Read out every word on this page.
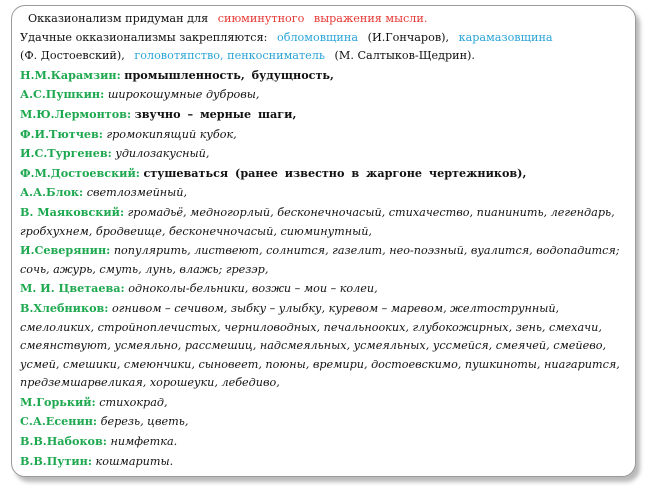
Окказионализм придуман для сиюминутного выражения мысли.
Удачные окказионализмы закрепляются: обломовщина (И.Гончаров), карамазовщина
(Ф. Достоевский), головотяпство, пенкосниматель (М. Салтыков-Щедрин).
Н.М.Карамзин: промышленность, будущность,
А.С.Пушкин: широкошумные дубровы,
М.Ю.Лермонтов: звучно – мерные шаги,
Ф.И.Тютчев: громокипящий кубок,
И.С.Тургенев: удилозакусный,
Ф.М.Достоевский: стушеваться (ранее известно в жаргоне чертежников),
А.А.Блок: светлозмейный,
В. Маяковский: громадьё, медногорлый, бесконечночасый, стихачество, пианинить, легендарь,
гробхухнем, бродвеище, бесконечночасый, сиюминутный,
И.Северянин: популярить, листвеют, солнится, газелит, нео-поэзный, вуалится, водопадится;
сочь, ажурь, смуть, лунь, влажь; грезэр,
М. И. Цветаева: одноколы-бельники, возжи – мои – колеи,
В.Хлебников: огнивом – сечивом, зыбку – улыбку, куревом – маревом, желтострунный,
смелоликих, стройноплечистых, черниловодных, печальнооких, глубокожирных, зень, смехачи,
смеянствуют, усмеяльно, рассмешиц, надсмеяльных, усмеяльных, уссмейся, смеячей, смейево,
усмей, смешики, смеюнчики, сыновеет, поюны, времири, достоевскимо, пушкиноты, ниагарится,
предземшарвеликая, хорошеуки, лебедиво,
М.Горький: стихокрад,
С.А.Есенин: березь, цветь,
В.В.Набоков: нимфетка.
В.В.Путин: кошмариты.
